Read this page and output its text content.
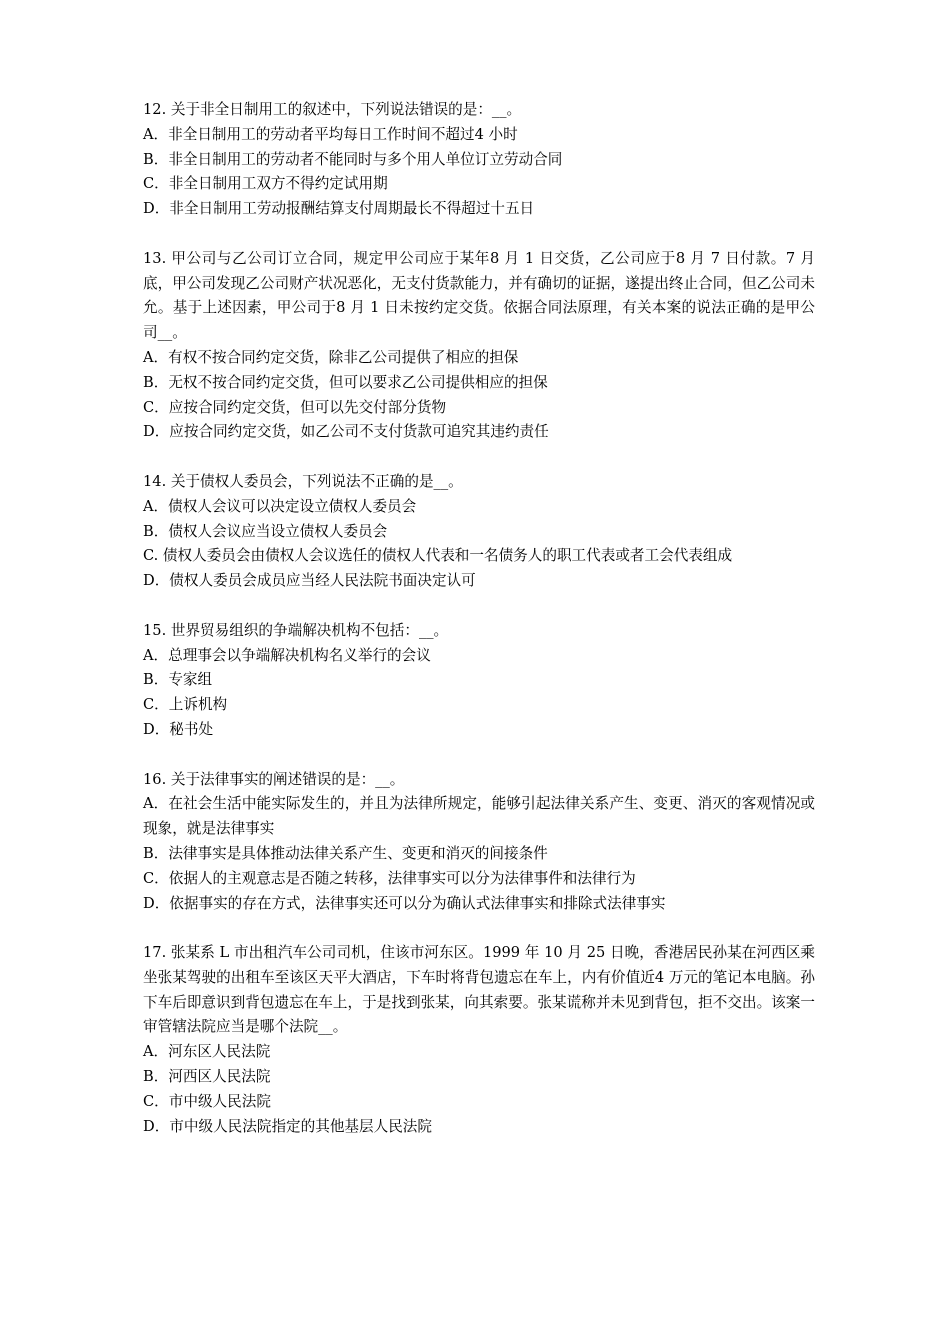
12. 关于非全日制用工的叙述中，下列说法错误的是：__。
A．非全日制用工的劳动者平均每日工作时间不超过4 小时
B．非全日制用工的劳动者不能同时与多个用人单位订立劳动合同
C．非全日制用工双方不得约定试用期
D．非全日制用工劳动报酬结算支付周期最长不得超过十五日
13. 甲公司与乙公司订立合同，规定甲公司应于某年8 月 1 日交货，乙公司应于8 月 7 日付款。7 月底，甲公司发现乙公司财产状况恶化，无支付货款能力，并有确切的证据，遂提出终止合同，但乙公司未允。基于上述因素，甲公司于8 月 1 日未按约定交货。依据合同法原理，有关本案的说法正确的是甲公司__。
A．有权不按合同约定交货，除非乙公司提供了相应的担保
B．无权不按合同约定交货，但可以要求乙公司提供相应的担保
C．应按合同约定交货，但可以先交付部分货物
D．应按合同约定交货，如乙公司不支付货款可追究其违约责任
14. 关于债权人委员会，下列说法不正确的是__。
A．债权人会议可以决定设立债权人委员会
B．债权人会议应当设立债权人委员会
C. 债权人委员会由债权人会议选任的债权人代表和一名债务人的职工代表或者工会代表组成
D．债权人委员会成员应当经人民法院书面决定认可
15. 世界贸易组织的争端解决机构不包括：__。
A．总理事会以争端解决机构名义举行的会议
B．专家组
C．上诉机构
D．秘书处
16. 关于法律事实的阐述错误的是：__。
A．在社会生活中能实际发生的，并且为法律所规定，能够引起法律关系产生、变更、消灭的客观情况或现象，就是法律事实
B．法律事实是具体推动法律关系产生、变更和消灭的间接条件
C．依据人的主观意志是否随之转移，法律事实可以分为法律事件和法律行为
D．依据事实的存在方式，法律事实还可以分为确认式法律事实和排除式法律事实
17. 张某系 L 市出租汽车公司司机，住该市河东区。1999 年 10 月 25 日晚，香港居民孙某在河西区乘坐张某驾驶的出租车至该区天平大酒店，下车时将背包遗忘在车上，内有价值近4 万元的笔记本电脑。孙下车后即意识到背包遗忘在车上，于是找到张某，向其索要。张某谎称并未见到背包，拒不交出。该案一审管辖法院应当是哪个法院__。
A．河东区人民法院
B．河西区人民法院
C．市中级人民法院
D．市中级人民法院指定的其他基层人民法院
